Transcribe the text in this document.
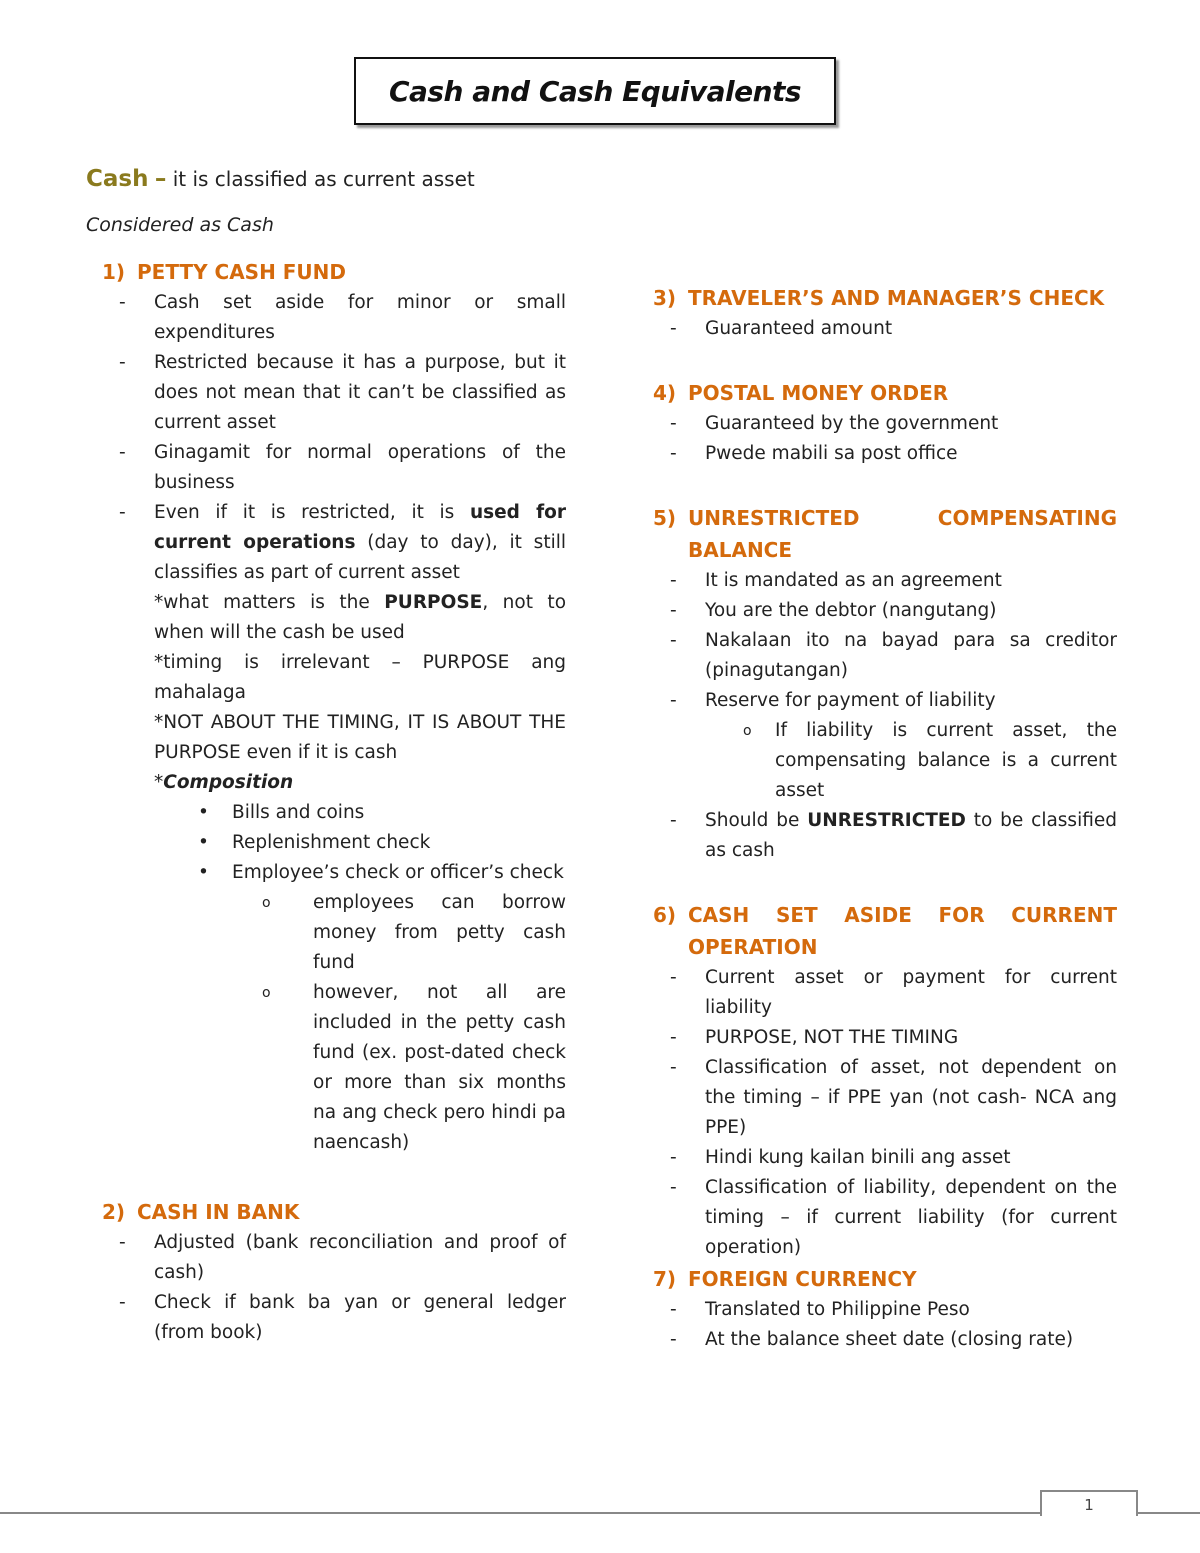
Cash and Cash Equivalents
Cash – it is classified as current asset
Considered as Cash
1) PETTY CASH FUND
- Cash set aside for minor or small expenditures
- Restricted because it has a purpose, but it does not mean that it can’t be classified as current asset
- Ginagamit for normal operations of the business
- Even if it is restricted, it is used for current operations (day to day), it still classifies as part of current asset
*what matters is the PURPOSE, not to when will the cash be used
*timing is irrelevant – PURPOSE ang mahalaga
*NOT ABOUT THE TIMING, IT IS ABOUT THE PURPOSE even if it is cash
*Composition
• Bills and coins
• Replenishment check
• Employee’s check or officer’s check
o employees can borrow money from petty cash fund
o however, not all are included in the petty cash fund (ex. post-dated check or more than six months na ang check pero hindi pa naencash)
2) CASH IN BANK
- Adjusted (bank reconciliation and proof of cash)
- Check if bank ba yan or general ledger (from book)
3) TRAVELER’S AND MANAGER’S CHECK
- Guaranteed amount
4) POSTAL MONEY ORDER
- Guaranteed by the government
- Pwede mabili sa post office
5) UNRESTRICTED COMPENSATING BALANCE
- It is mandated as an agreement
- You are the debtor (nangutang)
- Nakalaan ito na bayad para sa creditor (pinagutangan)
- Reserve for payment of liability
o If liability is current asset, the compensating balance is a current asset
- Should be UNRESTRICTED to be classified as cash
6) CASH SET ASIDE FOR CURRENT OPERATION
- Current asset or payment for current liability
- PURPOSE, NOT THE TIMING
- Classification of asset, not dependent on the timing – if PPE yan (not cash- NCA ang PPE)
- Hindi kung kailan binili ang asset
- Classification of liability, dependent on the timing – if current liability (for current operation)
7) FOREIGN CURRENCY
- Translated to Philippine Peso
- At the balance sheet date (closing rate)
1
